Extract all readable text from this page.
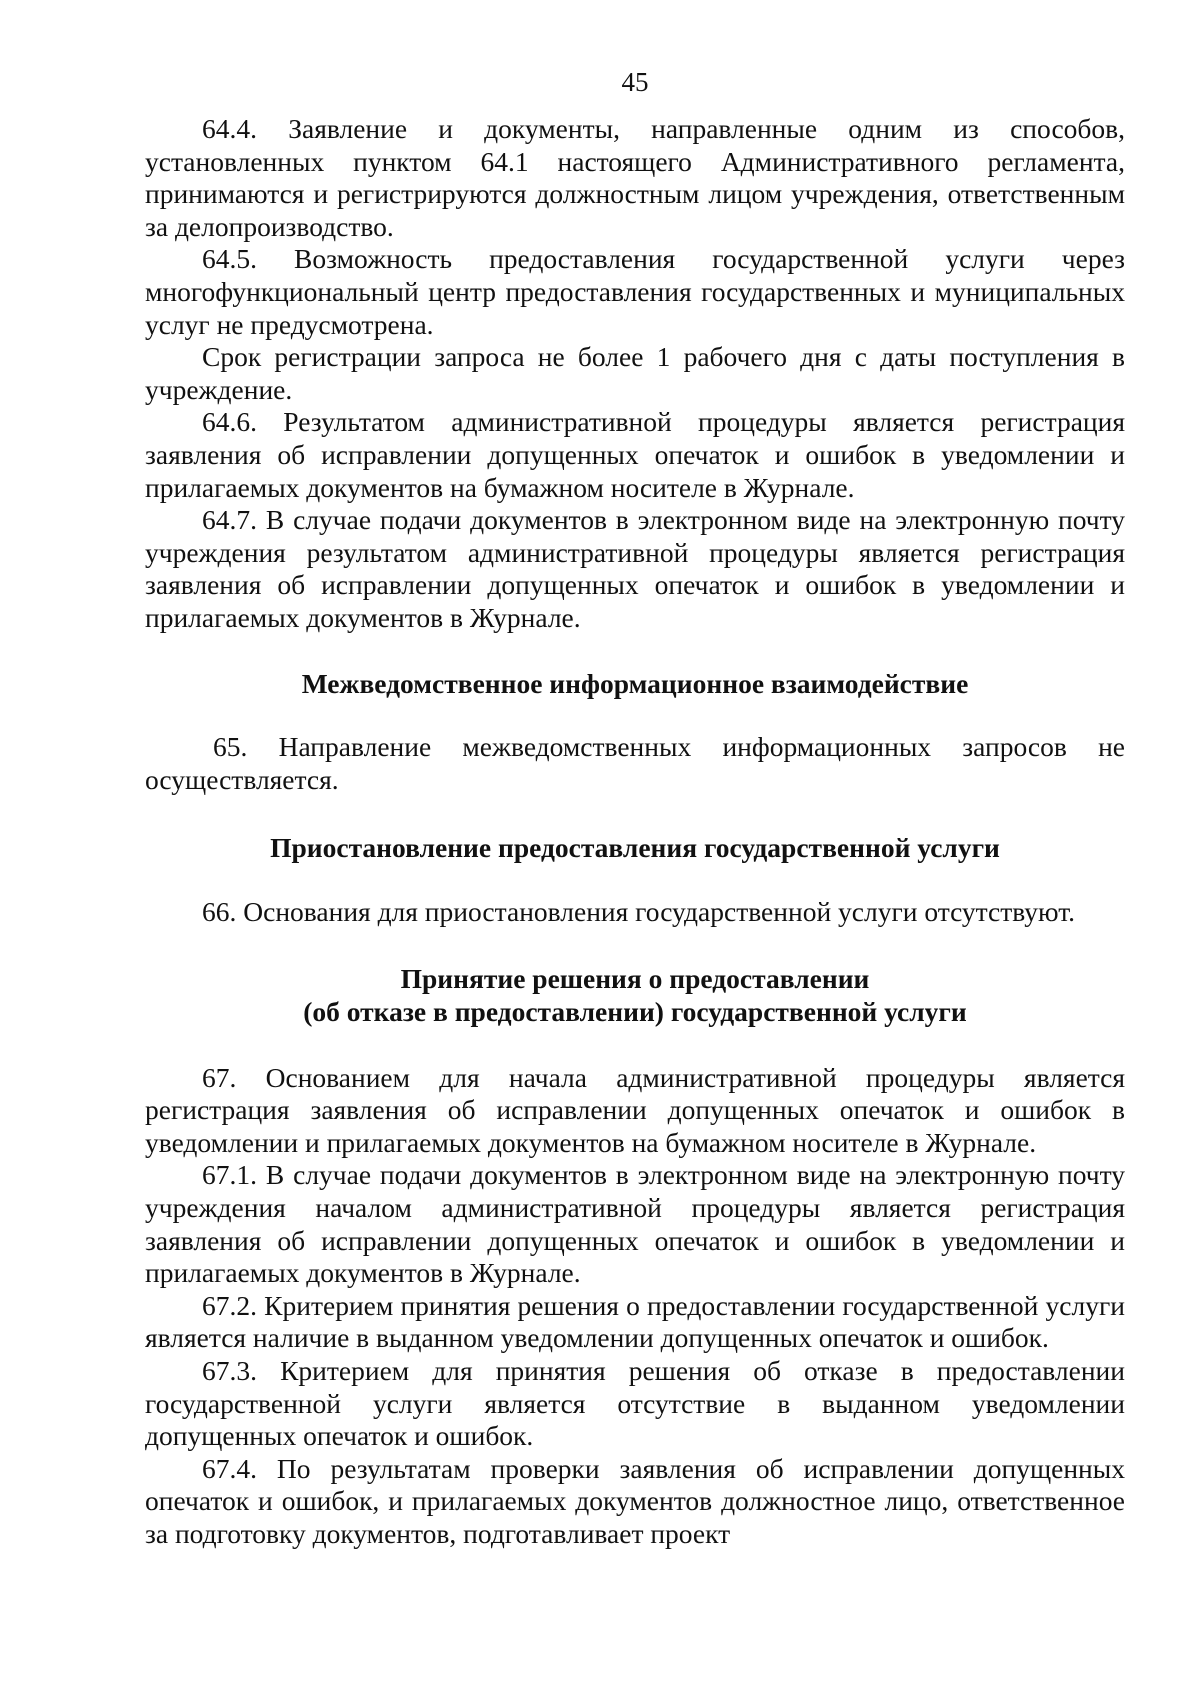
45

64.4. Заявление и документы, направленные одним из способов, установленных пунктом 64.1 настоящего Административного регламента, принимаются и регистрируются должностным лицом учреждения, ответственным за делопроизводство.

64.5. Возможность предоставления государственной услуги через многофункциональный центр предоставления государственных и муниципальных услуг не предусмотрена.

Срок регистрации запроса не более 1 рабочего дня с даты поступления в учреждение.

64.6. Результатом административной процедуры является регистрация заявления об исправлении допущенных опечаток и ошибок в уведомлении и прилагаемых документов на бумажном носителе в Журнале.

64.7. В случае подачи документов в электронном виде на электронную почту учреждения результатом административной процедуры является регистрация заявления об исправлении допущенных опечаток и ошибок в уведомлении и прилагаемых документов в Журнале.

Межведомственное информационное взаимодействие

65. Направление межведомственных информационных запросов не осуществляется.

Приостановление предоставления государственной услуги

66. Основания для приостановления государственной услуги отсутствуют.

Принятие решения о предоставлении
(об отказе в предоставлении) государственной услуги

67. Основанием для начала административной процедуры является регистрация заявления об исправлении допущенных опечаток и ошибок в уведомлении и прилагаемых документов на бумажном носителе в Журнале.

67.1. В случае подачи документов в электронном виде на электронную почту учреждения началом административной процедуры является регистрация заявления об исправлении допущенных опечаток и ошибок в уведомлении и прилагаемых документов в Журнале.

67.2. Критерием принятия решения о предоставлении государственной услуги является наличие в выданном уведомлении допущенных опечаток и ошибок.

67.3. Критерием для принятия решения об отказе в предоставлении государственной услуги является отсутствие в выданном уведомлении допущенных опечаток и ошибок.

67.4. По результатам проверки заявления об исправлении допущенных опечаток и ошибок, и прилагаемых документов должностное лицо, ответственное за подготовку документов, подготавливает проект
